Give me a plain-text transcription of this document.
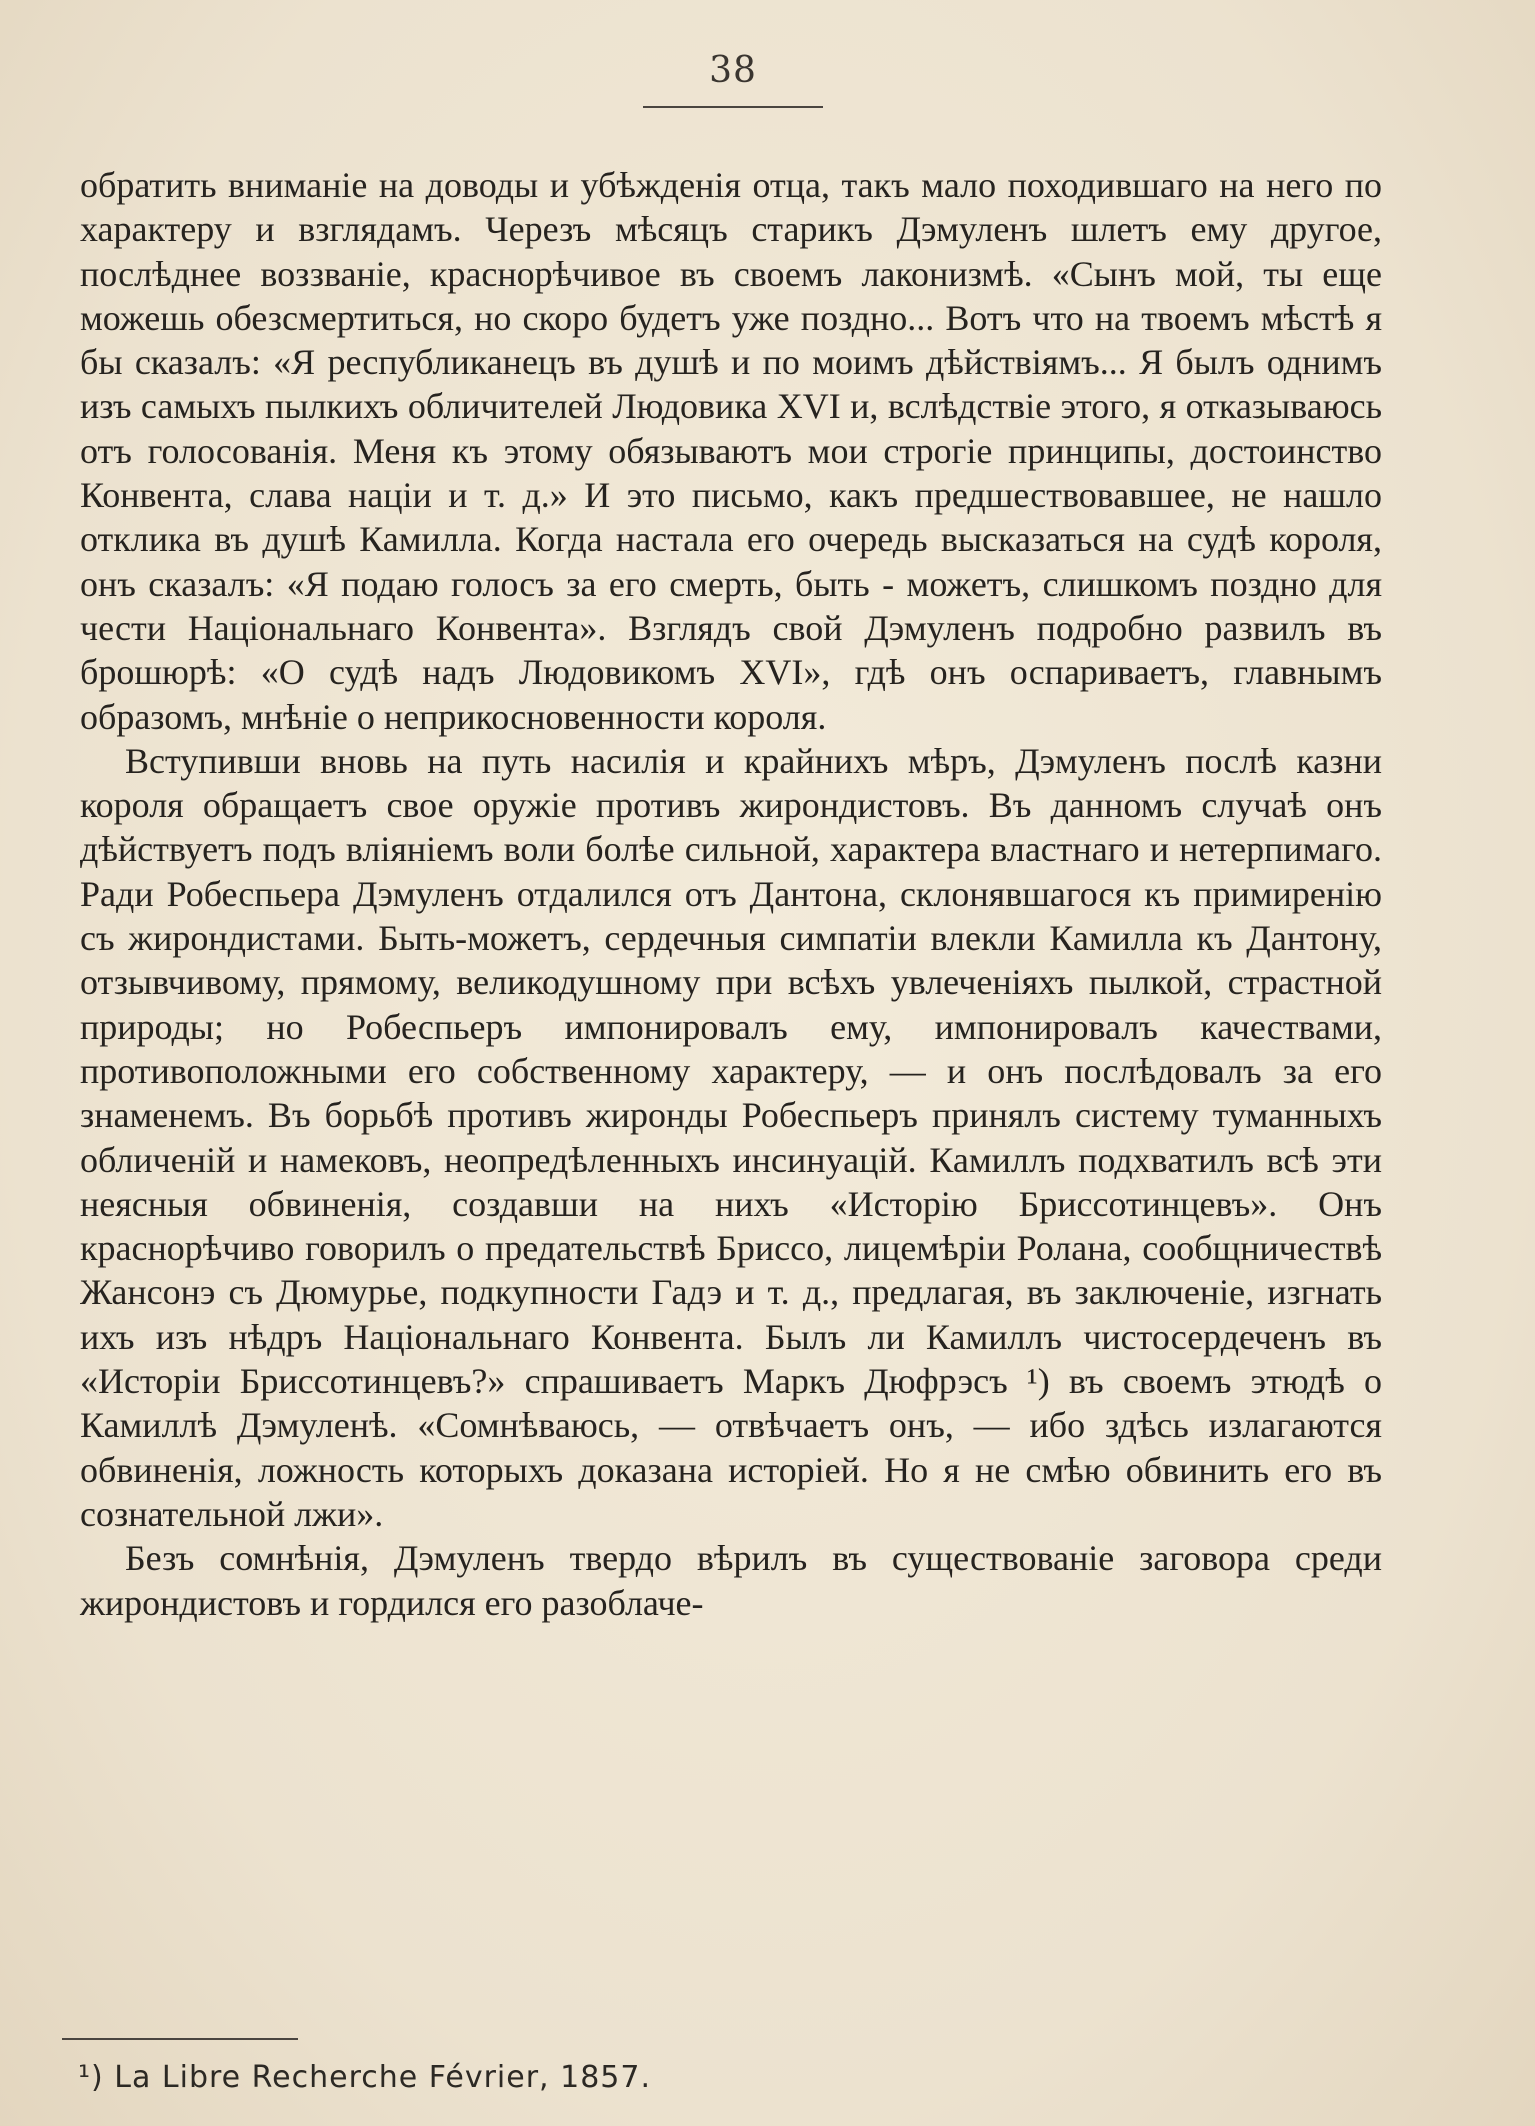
38

обратить вниманіе на доводы и убѣжденія отца, такъ мало походившаго на него по характеру и взглядамъ. Черезъ мѣсяцъ старикъ Дэмуленъ шлетъ ему другое, послѣднее воззваніе, краснорѣчивое въ своемъ лаконизмѣ. «Сынъ мой, ты еще можешь обезсмертиться, но скоро будетъ уже поздно... Вотъ что на твоемъ мѣстѣ я бы сказалъ: «Я республиканецъ въ душѣ и по моимъ дѣйствіямъ... Я былъ однимъ изъ самыхъ пылкихъ обличителей Людовика XVI и, вслѣдствіе этого, я отказываюсь отъ голосованія. Меня къ этому обязываютъ мои строгіе принципы, достоинство Конвента, слава націи и т. д.» И это письмо, какъ предшествовавшее, не нашло отклика въ душѣ Камилла. Когда настала его очередь высказаться на судѣ короля, онъ сказалъ: «Я подаю голосъ за его смерть, быть - можетъ, слишкомъ поздно для чести Національнаго Конвента». Взглядъ свой Дэмуленъ подробно развилъ въ брошюрѣ: «О судѣ надъ Людовикомъ XVI», гдѣ онъ оспариваетъ, главнымъ образомъ, мнѣніе о неприкосновенности короля.

Вступивши вновь на путь насилія и крайнихъ мѣръ, Дэмуленъ послѣ казни короля обращаетъ свое оружіе противъ жирондистовъ. Въ данномъ случаѣ онъ дѣйствуетъ подъ вліяніемъ воли болѣе сильной, характера властнаго и нетерпимаго. Ради Робеспьера Дэмуленъ отдалился отъ Дантона, склонявшагося къ примиренію съ жирондистами. Быть-можетъ, сердечныя симпатіи влекли Камилла къ Дантону, отзывчивому, прямому, великодушному при всѣхъ увлеченіяхъ пылкой, страстной природы; но Робеспьеръ импонировалъ ему, импонировалъ качествами, противоположными его собственному характеру, — и онъ послѣдовалъ за его знаменемъ. Въ борьбѣ противъ жиронды Робеспьеръ принялъ систему туманныхъ обличеній и намековъ, неопредѣленныхъ инсинуацій. Камиллъ подхватилъ всѣ эти неясныя обвиненія, создавши на нихъ «Исторію Бриссотинцевъ». Онъ краснорѣчиво говорилъ о предательствѣ Бриссо, лицемѣріи Ролана, сообщничествѣ Жансонэ съ Дюмурье, подкупности Гадэ и т. д., предлагая, въ заключеніе, изгнать ихъ изъ нѣдръ Національнаго Конвента. Былъ ли Камиллъ чистосердеченъ въ «Исторіи Бриссотинцевъ?» спрашиваетъ Маркъ Дюфрэсъ ¹) въ своемъ этюдѣ о Камиллѣ Дэмуленѣ. «Сомнѣваюсь, — отвѣчаетъ онъ, — ибо здѣсь излагаются обвиненія, ложность которыхъ доказана исторіей. Но я не смѣю обвинить его въ сознательной лжи».

Безъ сомнѣнія, Дэмуленъ твердо вѣрилъ въ существованіе заговора среди жирондистовъ и гордился его разоблаче-

¹) La Libre Recherche Février, 1857.
